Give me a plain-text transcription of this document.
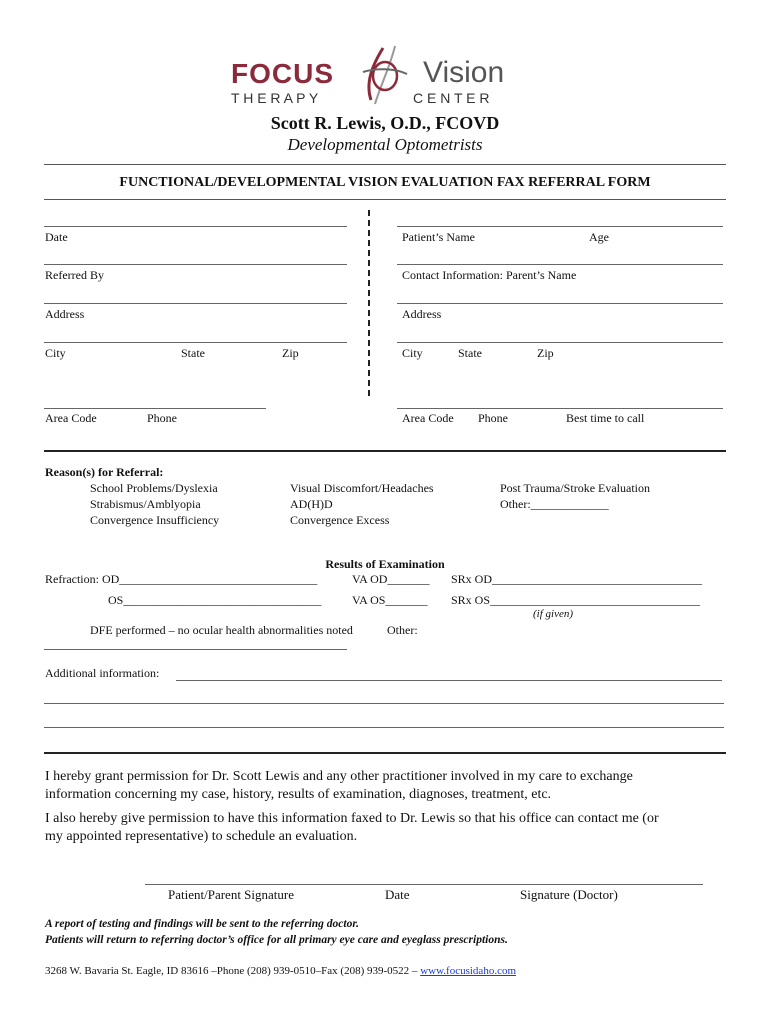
FOCUS	Vision
T H E R A P Y	C E N T E R
Scott R. Lewis, O.D., FCOVD
Developmental Optometrists
FUNCTIONAL/DEVELOPMENTAL VISION EVALUATION FAX REFERRAL FORM
Date
Referred By
Address
City	State	Zip
Area Code	Phone
Patient’s Name	Age
Contact Information: Parent’s Name
Address
City	State	Zip
Area Code Phone	Best time to call
Reason(s) for Referral:
School Problems/Dyslexia
Strabismus/Amblyopia
Convergence Insufficiency
Visual Discomfort/Headaches
AD(H)D
Convergence Excess
Post Trauma/Stroke Evaluation
Other:_____________
Results of Examination
Refraction: OD_________________________________	VA OD_______ SRx OD___________________________________
OS_________________________________	VA OS_______ SRx OS___________________________________
(if given)
DFE performed – no ocular health abnormalities noted	Other:
Additional information:
I hereby grant permission for Dr. Scott Lewis and any other practitioner involved in my care to exchange
information concerning my case, history, results of examination, diagnoses, treatment, etc.
I also hereby give permission to have this information faxed to Dr. Lewis so that his office can contact me (or
my appointed representative) to schedule an evaluation.
Patient/Parent Signature	Date	Signature (Doctor)
A report of testing and findings will be sent to the referring doctor.
Patients will return to referring doctor’s office for all primary eye care and eyeglass prescriptions.
3268 W. Bavaria St. Eagle, ID 83616 –Phone (208) 939-0510–Fax (208) 939-0522 – www.focusidaho.com
